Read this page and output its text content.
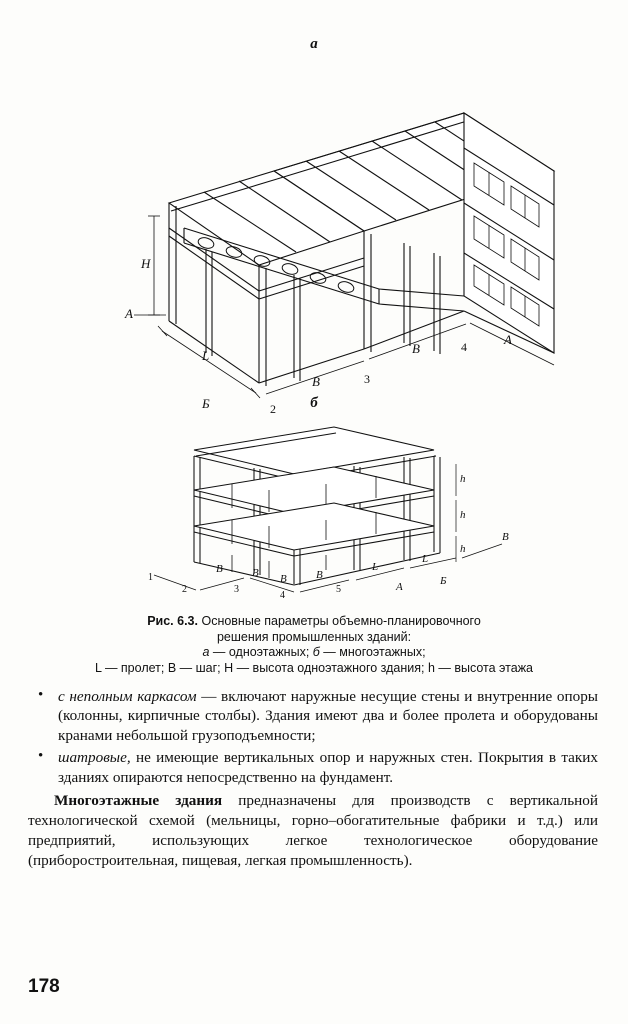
а
H
A
L
B
B
A
Б	2
3
4
б
h
h
h
B	B B	B
B
L
L
A	Б
1
2	3
4
5
Рис. 6.3. Основные параметры объемно-планировочного
решения промышленных зданий:
а — одноэтажных; б — многоэтажных;
L — пролет; B — шаг; H — высота одноэтажного здания; h — высота этажа
• с неполным каркасом — включают наружные несущие стены и внутренние опоры (колонны, кирпичные столбы). Здания имеют два и более пролета и оборудованы кранами небольшой грузоподъемности;
• шатровые, не имеющие вертикальных опор и наружных стен. Покрытия в таких зданиях опираются непосредственно на фундамент.

Многоэтажные здания предназначены для производств с вертикальной технологической схемой (мельницы, горно–обогатительные фабрики и т.д.) или предприятий, использующих легкое технологическое оборудование (приборостроительная, пищевая, легкая промышленность).

178
